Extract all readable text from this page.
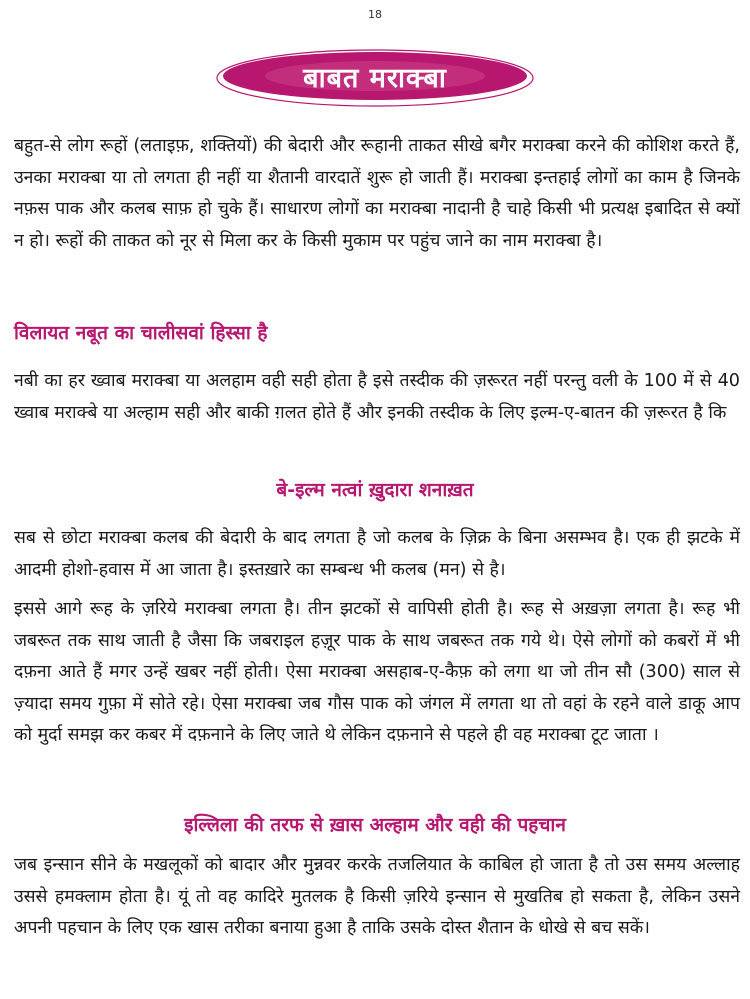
18
बाबत मराक्बा

बहुत-से लोग रूहों (लताइफ़, शक्तियों) की बेदारी और रूहानी ताकत सीखे बगैर मराक्बा करने की कोशिश करते हैं, उनका मराक्बा या तो लगता ही नहीं या शैतानी वारदातें शुरू हो जाती हैं। मराक्बा इन्तहाई लोगों का काम है जिनके नफ़स पाक और कलब साफ़ हो चुके हैं। साधारण लोगों का मराक्बा नादानी है चाहे किसी भी प्रत्यक्ष इबादित से क्यों न हो। रूहों की ताकत को नूर से मिला कर के किसी मुकाम पर पहुंच जाने का नाम मराक्बा है।

विलायत नबूत का चालीसवां हिस्सा है

नबी का हर ख्वाब मराक्बा या अलहाम वही सही होता है इसे तस्दीक की ज़रूरत नहीं परन्तु वली के 100 में से 40 ख्वाब मराक्बे या अल्हाम सही और बाकी ग़लत होते हैं और इनकी तस्दीक के लिए इल्म-ए-बातन की ज़रूरत है कि

बे-इल्म नत्वां ख़ुदारा शनाख़त

सब से छोटा मराक्बा कलब की बेदारी के बाद लगता है जो कलब के ज़िक्र के बिना असम्भव है। एक ही झटके में आदमी होशो-हवास में आ जाता है। इस्तख़ारे का सम्बन्ध भी कलब (मन) से है।

इससे आगे रूह के ज़रिये मराक्बा लगता है। तीन झटकों से वापिसी होती है। रूह से अख़ज़ा लगता है। रूह भी जबरूत तक साथ जाती है जैसा कि जबराइल हज़ूर पाक के साथ जबरूत तक गये थे। ऐसे लोगों को कबरों में भी दफ़ना आते हैं मगर उन्हें खबर नहीं होती। ऐसा मराक्बा असहाब-ए-कैफ़ को लगा था जो तीन सौ (300) साल से ज़्यादा समय गुफ़ा में सोते रहे। ऐसा मराक्बा जब गौस पाक को जंगल में लगता था तो वहां के रहने वाले डाकू आप को मुर्दा समझ कर कबर में दफ़नाने के लिए जाते थे लेकिन दफ़नाने से पहले ही वह मराक्बा टूट जाता ।

इल्लिला की तरफ से ख़ास अल्हाम और वही की पहचान

जब इन्सान सीने के मखलूकों को बादार और मुन्नवर करके तजलियात के काबिल हो जाता है तो उस समय अल्लाह उससे हमक्लाम होता है। यूं तो वह कादिरे मुतलक है किसी ज़रिये इन्सान से मुखतिब हो सकता है, लेकिन उसने अपनी पहचान के लिए एक खास तरीका बनाया हुआ है ताकि उसके दोस्त शैतान के धोखे से बच सकें।
